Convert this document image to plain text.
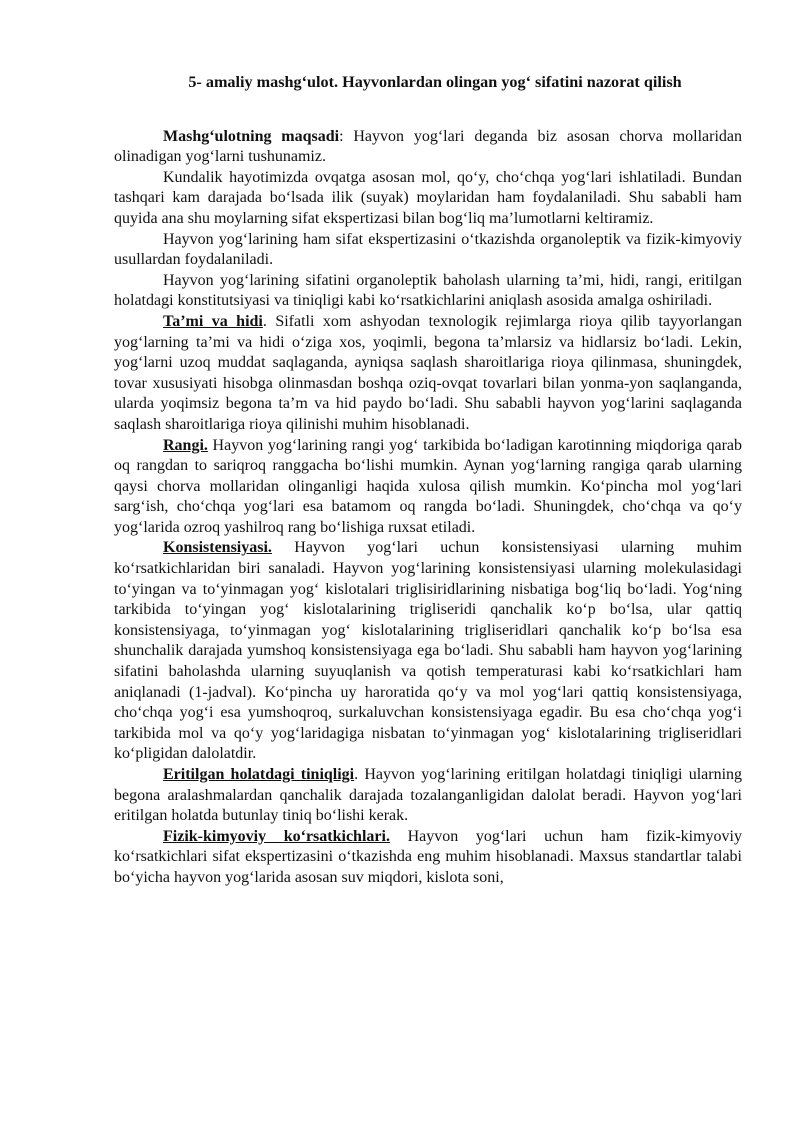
5- amaliy mashg‘ulot. Hayvonlardan olingan yog‘ sifatini nazorat qilish

Mashg‘ulotning maqsadi: Hayvon yog‘lari deganda biz asosan chorva mollaridan olinadigan yog‘larni tushunamiz.

Kundalik hayotimizda ovqatga asosan mol, qo‘y, cho‘chqa yog‘lari ishlatiladi. Bundan tashqari kam darajada bo‘lsada ilik (suyak) moylaridan ham foydalaniladi. Shu sababli ham quyida ana shu moylarning sifat ekspertizasi bilan bog‘liq ma’lumotlarni keltiramiz.

Hayvon yog‘larining ham sifat ekspertizasini o‘tkazishda organoleptik va fizik-kimyoviy usullardan foydalaniladi.

Hayvon yog‘larining sifatini organoleptik baholash ularning ta’mi, hidi, rangi, eritilgan holatdagi konstitutsiyasi va tiniqligi kabi ko‘rsatkichlarini aniqlash asosida amalga oshiriladi.

Ta’mi va hidi. Sifatli xom ashyodan texnologik rejimlarga rioya qilib tayyorlangan yog‘larning ta’mi va hidi o‘ziga xos, yoqimli, begona ta’mlarsiz va hidlarsiz bo‘ladi. Lekin, yog‘larni uzoq muddat saqlaganda, ayniqsa saqlash sharoitlariga rioya qilinmasa, shuningdek, tovar xususiyati hisobga olinmasdan boshqa oziq-ovqat tovarlari bilan yonma-yon saqlanganda, ularda yoqimsiz begona ta’m va hid paydo bo‘ladi. Shu sababli hayvon yog‘larini saqlaganda saqlash sharoitlariga rioya qilinishi muhim hisoblanadi.

Rangi. Hayvon yog‘larining rangi yog‘ tarkibida bo‘ladigan karotinning miqdoriga qarab oq rangdan to sariqroq ranggacha bo‘lishi mumkin. Aynan yog‘larning rangiga qarab ularning qaysi chorva mollaridan olinganligi haqida xulosa qilish mumkin. Ko‘pincha mol yog‘lari sarg‘ish, cho‘chqa yog‘lari esa batamom oq rangda bo‘ladi. Shuningdek, cho‘chqa va qo‘y yog‘larida ozroq yashilroq rang bo‘lishiga ruxsat etiladi.

Konsistensiyasi. Hayvon yog‘lari uchun konsistensiyasi ularning muhim ko‘rsatkichlaridan biri sanaladi. Hayvon yog‘larining konsistensiyasi ularning molekulasidagi to‘yingan va to‘yinmagan yog‘ kislotalari triglisiridlarining nisbatiga bog‘liq bo‘ladi. Yog‘ning tarkibida to‘yingan yog‘ kislotalarining trigliseridi qanchalik ko‘p bo‘lsa, ular qattiq konsistensiyaga, to‘yinmagan yog‘ kislotalarining trigliseridlari qanchalik ko‘p bo‘lsa esa shunchalik darajada yumshoq konsistensiyaga ega bo‘ladi. Shu sababli ham hayvon yog‘larining sifatini baholashda ularning suyuqlanish va qotish temperaturasi kabi ko‘rsatkichlari ham aniqlanadi (1-jadval). Ko‘pincha uy haroratida qo‘y va mol yog‘lari qattiq konsistensiyaga, cho‘chqa yog‘i esa yumshoqroq, surkaluvchan konsistensiyaga egadir. Bu esa cho‘chqa yog‘i tarkibida mol va qo‘y yog‘laridagiga nisbatan to‘yinmagan yog‘ kislotalarining trigliseridlari ko‘pligidan dalolatdir.

Eritilgan holatdagi tiniqligi. Hayvon yog‘larining eritilgan holatdagi tiniqligi ularning begona aralashmalardan qanchalik darajada tozalanganligidan dalolat beradi. Hayvon yog‘lari eritilgan holatda butunlay tiniq bo‘lishi kerak.

Fizik-kimyoviy ko‘rsatkichlari. Hayvon yog‘lari uchun ham fizik-kimyoviy ko‘rsatkichlari sifat ekspertizasini o‘tkazishda eng muhim hisoblanadi. Maxsus standartlar talabi bo‘yicha hayvon yog‘larida asosan suv miqdori, kislota soni,
